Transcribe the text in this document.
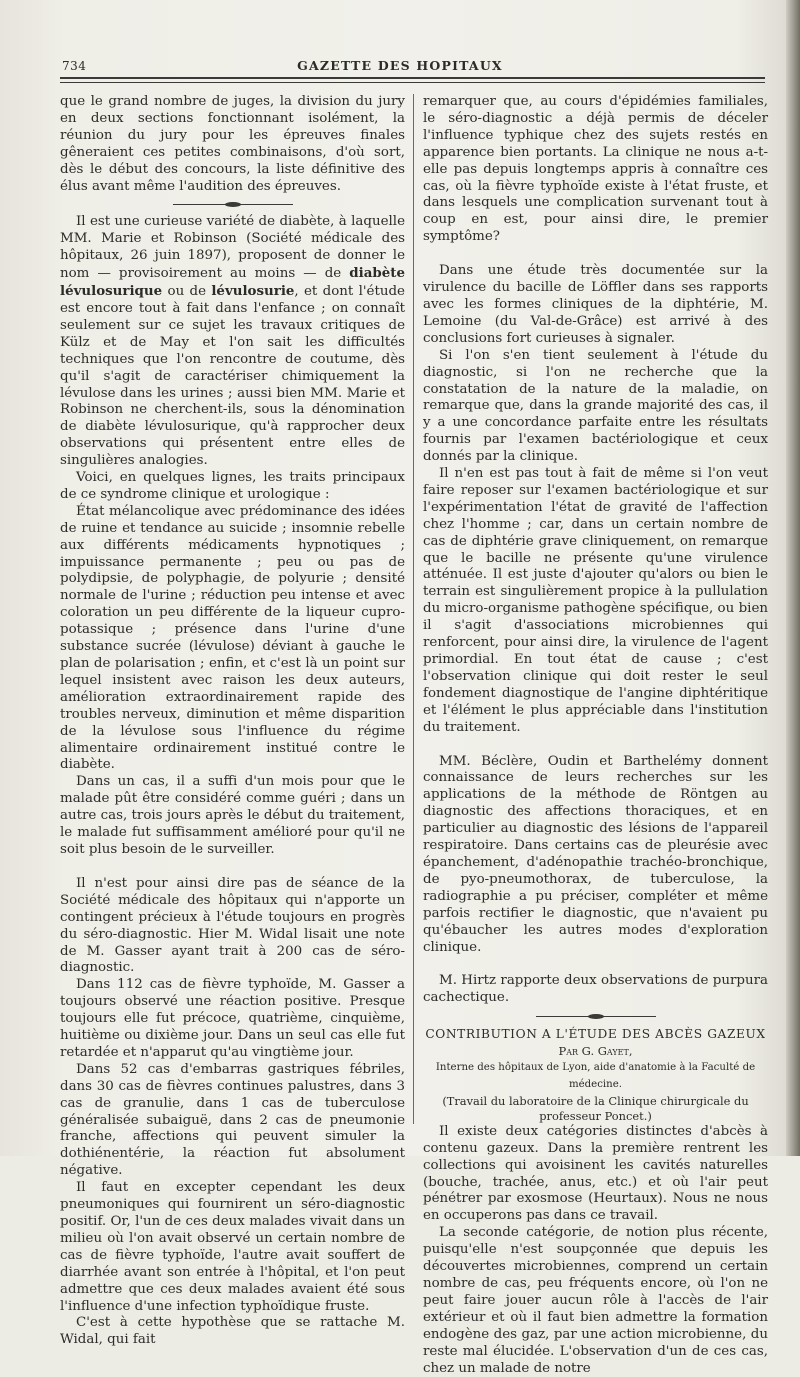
734	GAZETTE DES HOPITAUX

que le grand nombre de juges, la division du jury en deux sections fonctionnant isolément, la réunion du jury pour les épreuves finales gêneraient ces petites combinaisons, d'où sort, dès le début des concours, la liste définitive des élus avant même l'audition des épreuves.

Il est une curieuse variété de diabète, à laquelle MM. Marie et Robinson (Société médicale des hôpitaux, 26 juin 1897), proposent de donner le nom — provisoirement au moins — de diabète lévulosurique ou de lévulosurie, et dont l'étude est encore tout à fait dans l'enfance ; on connaît seulement sur ce sujet les travaux critiques de Külz et de May et l'on sait les difficultés techniques que l'on rencontre de coutume, dès qu'il s'agit de caractériser chimiquement la lévulose dans les urines ; aussi bien MM. Marie et Robinson ne cherchent-ils, sous la dénomination de diabète lévulosurique, qu'à rapprocher deux observations qui présentent entre elles de singulières analogies.

Voici, en quelques lignes, les traits principaux de ce syndrome clinique et urologique :

État mélancolique avec prédominance des idées de ruine et tendance au suicide ; insomnie rebelle aux différents médicaments hypnotiques ; impuissance permanente ; peu ou pas de polydipsie, de polyphagie, de polyurie ; densité normale de l'urine ; réduction peu intense et avec coloration un peu différente de la liqueur cupro-potassique ; présence dans l'urine d'une substance sucrée (lévulose) déviant à gauche le plan de polarisation ; enfin, et c'est là un point sur lequel insistent avec raison les deux auteurs, amélioration extraordinairement rapide des troubles nerveux, diminution et même disparition de la lévulose sous l'influence du régime alimentaire ordinairement institué contre le diabète.

Dans un cas, il a suffi d'un mois pour que le malade pût être considéré comme guéri ; dans un autre cas, trois jours après le début du traitement, le malade fut suffisamment amélioré pour qu'il ne soit plus besoin de le surveiller.

Il n'est pour ainsi dire pas de séance de la Société médicale des hôpitaux qui n'apporte un contingent précieux à l'étude toujours en progrès du séro-diagnostic. Hier M. Widal lisait une note de M. Gasser ayant trait à 200 cas de séro-diagnostic.

Dans 112 cas de fièvre typhoïde, M. Gasser a toujours observé une réaction positive. Presque toujours elle fut précoce, quatrième, cinquième, huitième ou dixième jour. Dans un seul cas elle fut retardée et n'apparut qu'au vingtième jour.

Dans 52 cas d'embarras gastriques fébriles, dans 30 cas de fièvres continues palustres, dans 3 cas de granulie, dans 1 cas de tuberculose généralisée subaiguë, dans 2 cas de pneumonie franche, affections qui peuvent simuler la dothiénentérie, la réaction fut absolument négative.

Il faut en excepter cependant les deux pneumoniques qui fournirent un séro-diagnostic positif. Or, l'un de ces deux malades vivait dans un milieu où l'on avait observé un certain nombre de cas de fièvre typhoïde, l'autre avait souffert de diarrhée avant son entrée à l'hôpital, et l'on peut admettre que ces deux malades avaient été sous l'influence d'une infection typhoïdique fruste.

C'est à cette hypothèse que se rattache M. Widal, qui fait

remarquer que, au cours d'épidémies familiales, le séro-diagnostic a déjà permis de déceler l'influence typhique chez des sujets restés en apparence bien portants. La clinique ne nous a-t-elle pas depuis longtemps appris à connaître ces cas, où la fièvre typhoïde existe à l'état fruste, et dans lesquels une complication survenant tout à coup en est, pour ainsi dire, le premier symptôme?

Dans une étude très documentée sur la virulence du bacille de Löffler dans ses rapports avec les formes cliniques de la diphtérie, M. Lemoine (du Val-de-Grâce) est arrivé à des conclusions fort curieuses à signaler.

Si l'on s'en tient seulement à l'étude du diagnostic, si l'on ne recherche que la constatation de la nature de la maladie, on remarque que, dans la grande majorité des cas, il y a une concordance parfaite entre les résultats fournis par l'examen bactériologique et ceux donnés par la clinique.

Il n'en est pas tout à fait de même si l'on veut faire reposer sur l'examen bactériologique et sur l'expérimentation l'état de gravité de l'affection chez l'homme ; car, dans un certain nombre de cas de diphtérie grave cliniquement, on remarque que le bacille ne présente qu'une virulence atténuée. Il est juste d'ajouter qu'alors ou bien le terrain est singulièrement propice à la pullulation du micro-organisme pathogène spécifique, ou bien il s'agit d'associations microbiennes qui renforcent, pour ainsi dire, la virulence de l'agent primordial. En tout état de cause ; c'est l'observation clinique qui doit rester le seul fondement diagnostique de l'angine diphtéritique et l'élément le plus appréciable dans l'institution du traitement.

MM. Béclère, Oudin et Barthelémy donnent connaissance de leurs recherches sur les applications de la méthode de Röntgen au diagnostic des affections thoraciques, et en particulier au diagnostic des lésions de l'appareil respiratoire. Dans certains cas de pleurésie avec épanchement, d'adénopathie trachéo-bronchique, de pyo-pneumothorax, de tuberculose, la radiographie a pu préciser, compléter et même parfois rectifier le diagnostic, que n'avaient pu qu'ébaucher les autres modes d'exploration clinique.

M. Hirtz rapporte deux observations de purpura cachectique.

CONTRIBUTION A L'ÉTUDE DES ABCÈS GAZEUX

Par G. Gayet,

Interne des hôpitaux de Lyon, aide d'anatomie à la Faculté de médecine.

(Travail du laboratoire de la Clinique chirurgicale du professeur Poncet.)

Il existe deux catégories distinctes d'abcès à contenu gazeux. Dans la première rentrent les collections qui avoisinent les cavités naturelles (bouche, trachée, anus, etc.) et où l'air peut pénétrer par exosmose (Heurtaux). Nous ne nous en occuperons pas dans ce travail.

La seconde catégorie, de notion plus récente, puisqu'elle n'est soupçonnée que depuis les découvertes microbiennes, comprend un certain nombre de cas, peu fréquents encore, où l'on ne peut faire jouer aucun rôle à l'accès de l'air extérieur et où il faut bien admettre la formation endogène des gaz, par une action microbienne, du reste mal élucidée. L'observation d'un de ces cas, chez un malade de notre
